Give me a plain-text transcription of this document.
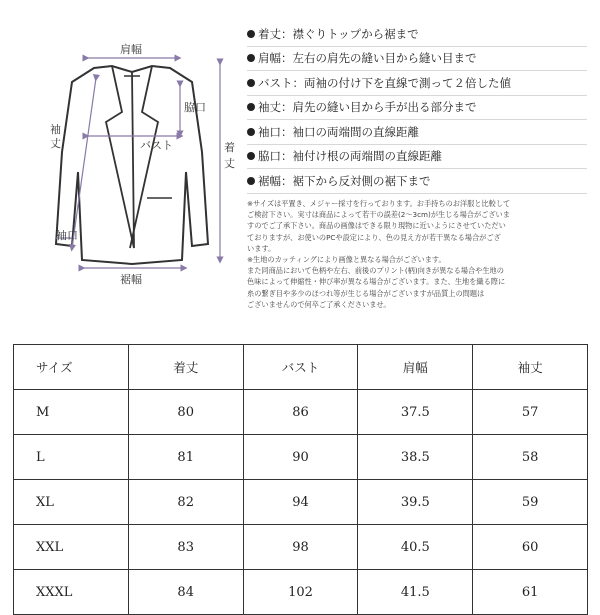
肩幅
袖
丈
袖口
脇口
バスト	着
丈
裾幅
着丈：襟ぐりトップから裾まで
肩幅：左右の肩先の縫い目から縫い目まで
バスト：両袖の付け下を直線で測って２倍した値
袖丈：肩先の縫い目から手が出る部分まで
袖口：袖口の両端間の直線距離
脇口：袖付け根の両端間の直線距離
裾幅：裾下から反対側の裾下まで

※サイズは平置き、メジャー採寸を行っております。お手持ちのお洋服と比較して

ご検討下さい。実寸は商品によって若干の誤差(2～3cm)が生じる場合がございま

すのでご了承下さい。商品の画像はできる限り現物に近いようにさせていただい

ておりますが、お使いのPCや設定により、色の見え方が若干異なる場合がござ

います。

※生地のカッティングにより画像と異なる場合がございます。

また同商品において色柄や左右、前後のプリント(柄)向きが異なる場合や生地の

色味によって伸縮性・伸び率が異なる場合がございます。また、生地を織る際に

糸の繋ぎ目や多少のほつれ等が生じる場合がございますが品質上の問題は

ございませんので何卒ご了承くださいませ。

サイズ	着丈	バスト	肩幅	袖丈
M	80	86	37.5	57
L	81	90	38.5	58
XL	82	94	39.5	59
XXL	83	98	40.5	60
XXXL	84	102	41.5	61
